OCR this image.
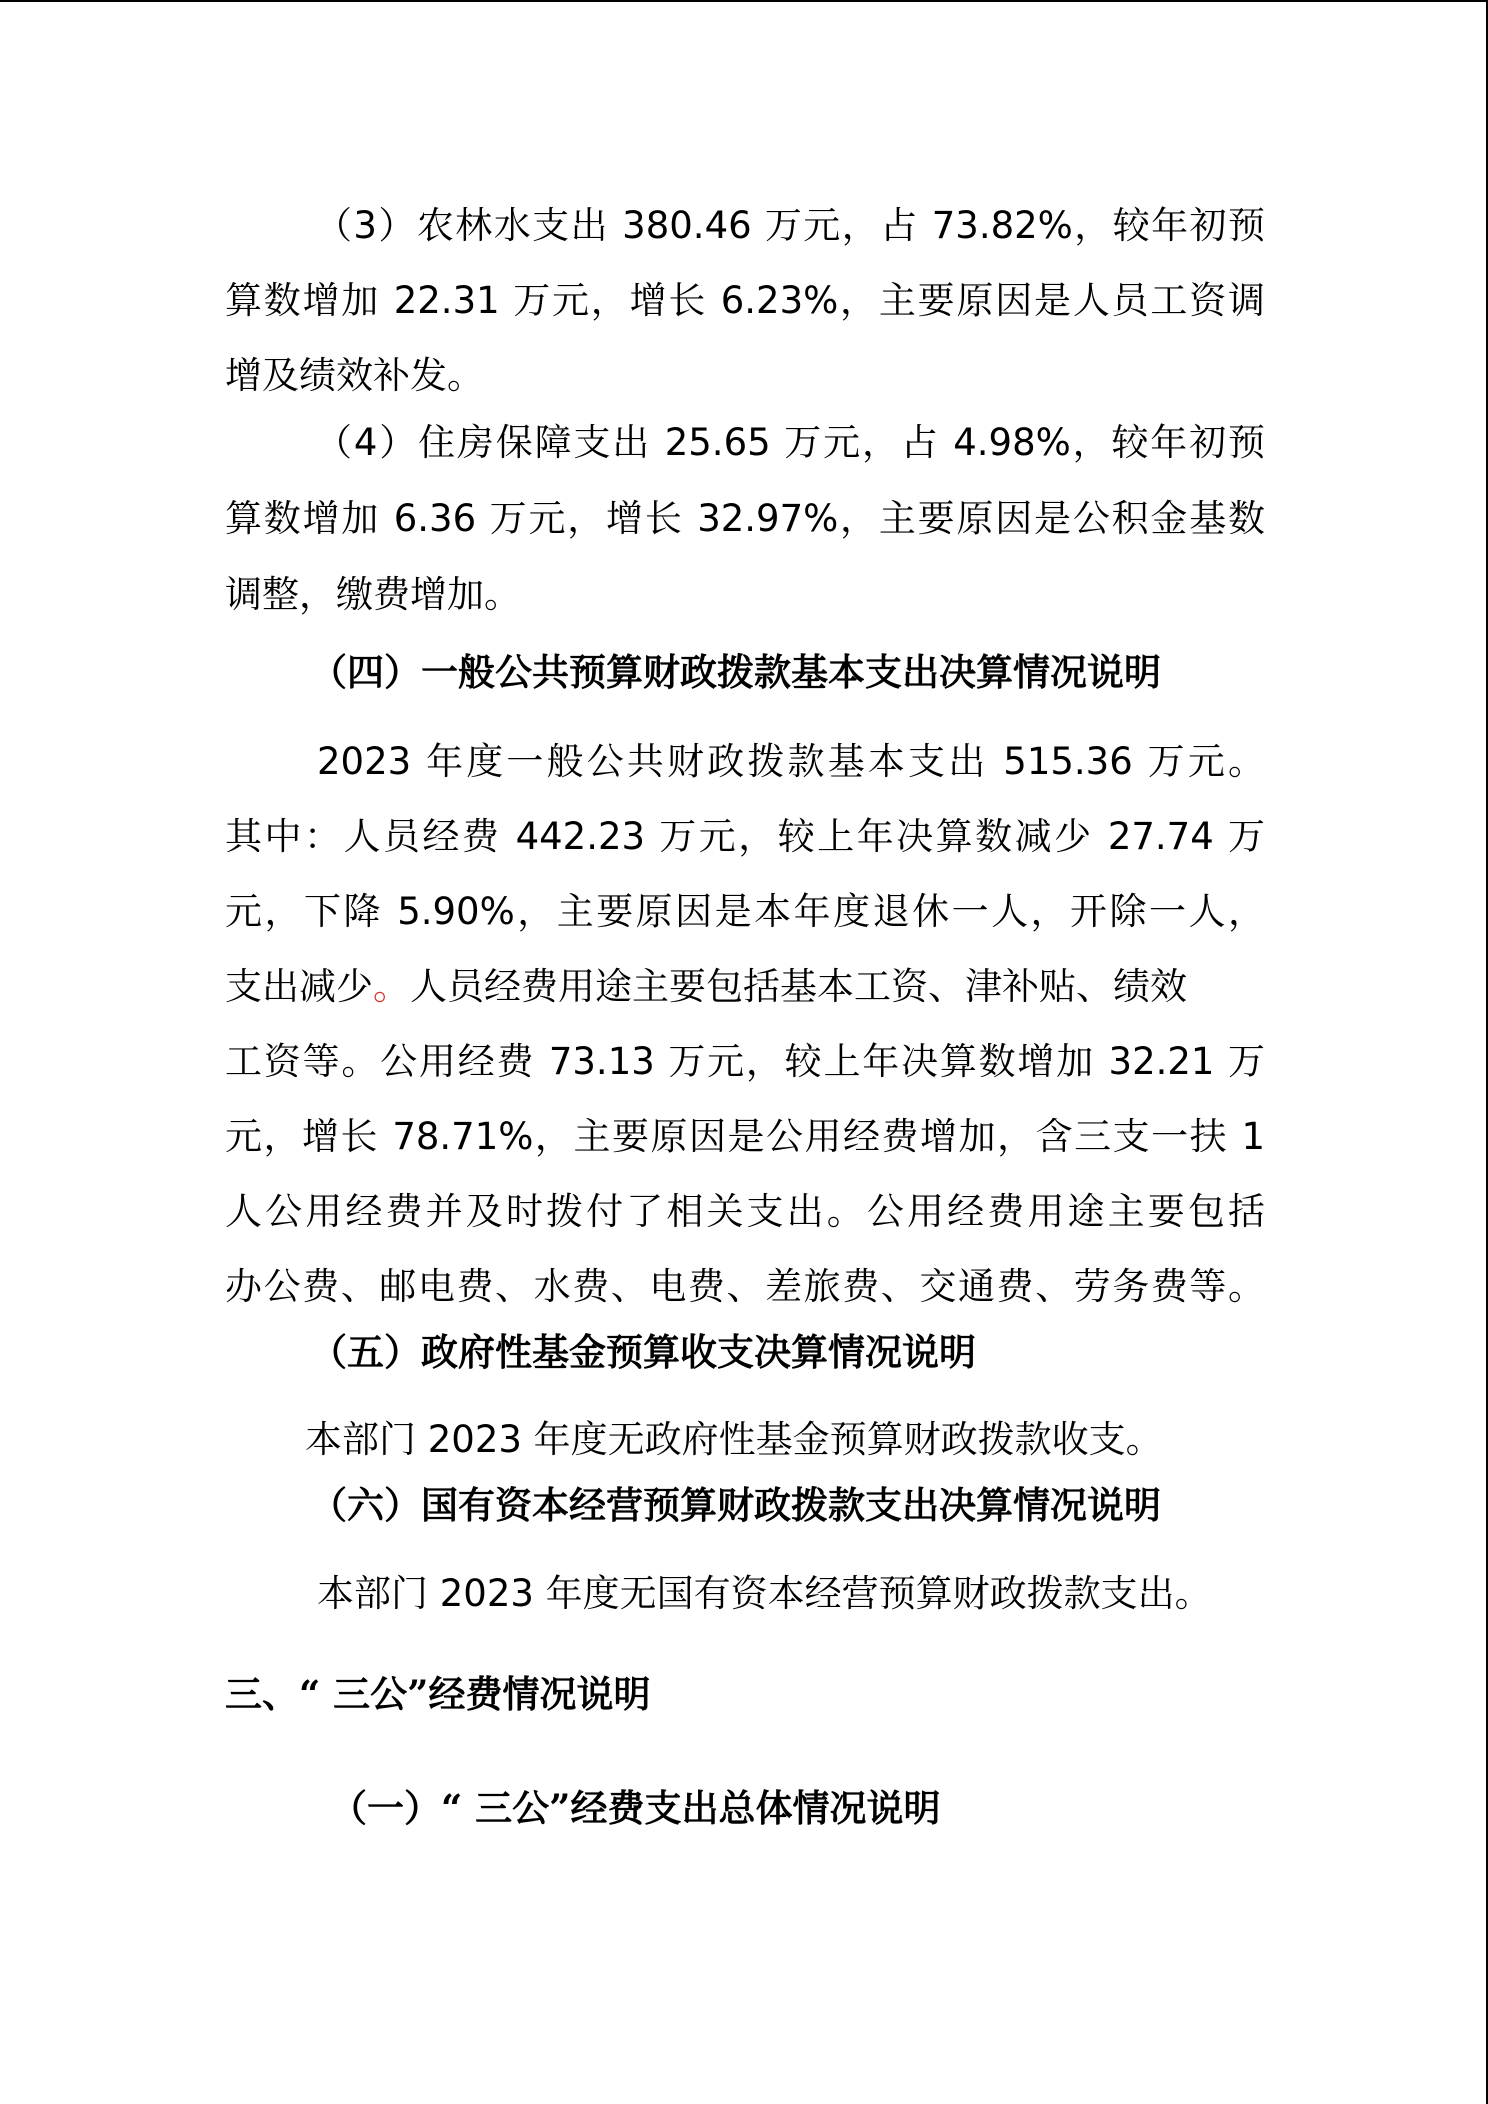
（3）农林水支出 380.46 万元，占 73.82%，较年初预
算数增加 22.31 万元，增长 6.23%，主要原因是人员工资调
增及绩效补发。
（4）住房保障支出 25.65 万元，占 4.98%，较年初预
算数增加 6.36 万元，增长 32.97%，主要原因是公积金基数
调整，缴费增加。
（四）一般公共预算财政拨款基本支出决算情况说明
2023 年度一般公共财政拨款基本支出 515.36 万元。
其中：人员经费 442.23 万元，较上年决算数减少 27.74 万
元，下降 5.90%，主要原因是本年度退休一人，开除一人，
支出减少。人员经费用途主要包括基本工资、津补贴、绩效
工资等。公用经费 73.13 万元，较上年决算数增加 32.21 万
元，增长 78.71%，主要原因是公用经费增加，含三支一扶 1
人公用经费并及时拨付了相关支出。公用经费用途主要包括
办公费、邮电费、水费、电费、差旅费、交通费、劳务费等。
（五）政府性基金预算收支决算情况说明
本部门 2023 年度无政府性基金预算财政拨款收支。
（六）国有资本经营预算财政拨款支出决算情况说明
本部门 2023 年度无国有资本经营预算财政拨款支出。
三、“ 三公”经费情况说明
（一）“ 三公”经费支出总体情况说明
